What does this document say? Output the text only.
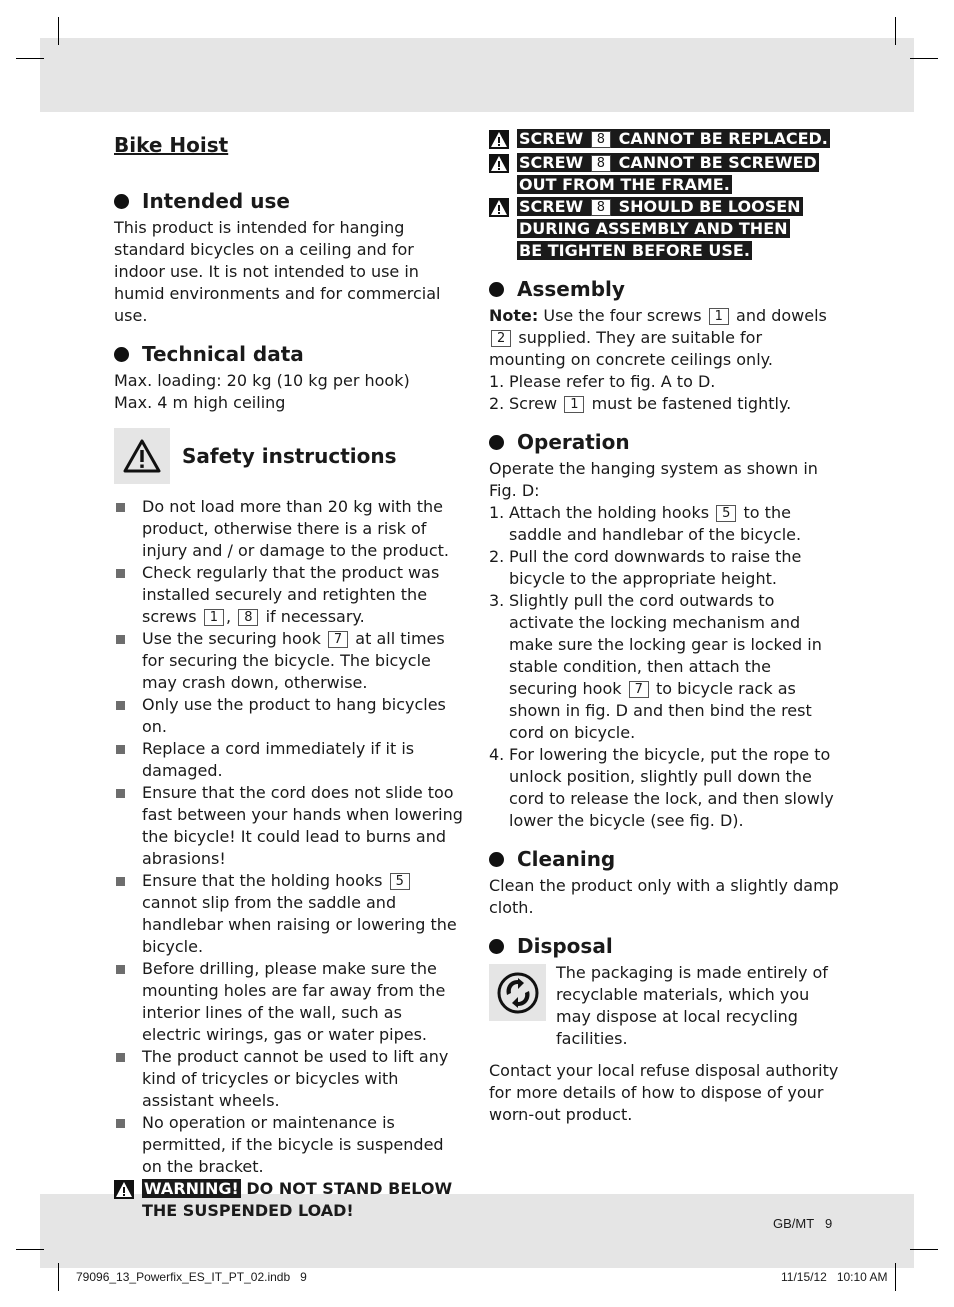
Bike Hoist
Intended use

This product is intended for hanging standard bicycles on a ceiling and for indoor use. It is not intended to use in humid environments and for commercial use.

Technical data

Max. loading: 20 kg (10 kg per hook)

Max. 4 m high ceiling

Safety instructions
Do not load more than 20 kg with the product, otherwise there is a risk of injury and / or damage to the product.
Check regularly that the product was installed securely and retighten the screws 1 , 8 if necessary.
Use the securing hook 7 at all times for securing the bicycle. The bicycle may crash down, otherwise.
Only use the product to hang bicycles on.
Replace a cord immediately if it is damaged.
Ensure that the cord does not slide too fast between your hands when lowering the bicycle! It could lead to burns and abrasions!
Ensure that the holding hooks 5 cannot slip from the saddle and handlebar when raising or lowering the bicycle.
Before drilling, please make sure the mounting holes are far away from the interior lines of the wall, such as electric wirings, gas or water pipes.
The product cannot be used to lift any kind of tricycles or bicycles with assistant wheels.
No operation or maintenance is permitted, if the bicycle is suspended on the bracket.
WARNING! DO NOT STAND BELOW THE SUSPENDED LOAD!
SCREW 8 CANNOT BE REPLACED.
SCREW 8 CANNOT BE SCREWED OUT FROM THE FRAME.
SCREW 8 SHOULD BE LOOSEN DURING ASSEMBLY AND THEN BE TIGHTEN BEFORE USE.
Assembly

Note: Use the four screws 1 and dowels 2 supplied. They are suitable for mounting on concrete ceilings only.

1. Please refer to fig. A to D.
2. Screw 1 must be fastened tightly.
Operation

Operate the hanging system as shown in Fig. D:

1. Attach the holding hooks 5 to the saddle and handlebar of the bicycle.
2. Pull the cord downwards to raise the bicycle to the appropriate height.
3. Slightly pull the cord outwards to activate the locking mechanism and make sure the locking gear is locked in stable condition, then attach the securing hook 7 to bicycle rack as shown in fig. D and then bind the rest cord on bicycle.
4. For lowering the bicycle, put the rope to unlock position, slightly pull down the cord to release the lock, and then slowly lower the bicycle (see fig. D).
Cleaning

Clean the product only with a slightly damp cloth.

Disposal

The packaging is made entirely of recyclable materials, which you may dispose at local recycling facilities.

Contact your local refuse disposal authority for more details of how to dispose of your worn-out product.

GB/MT 9
79096_13_Powerfix_ES_IT_PT_02.indb   9	11/15/12   10:10 AM
